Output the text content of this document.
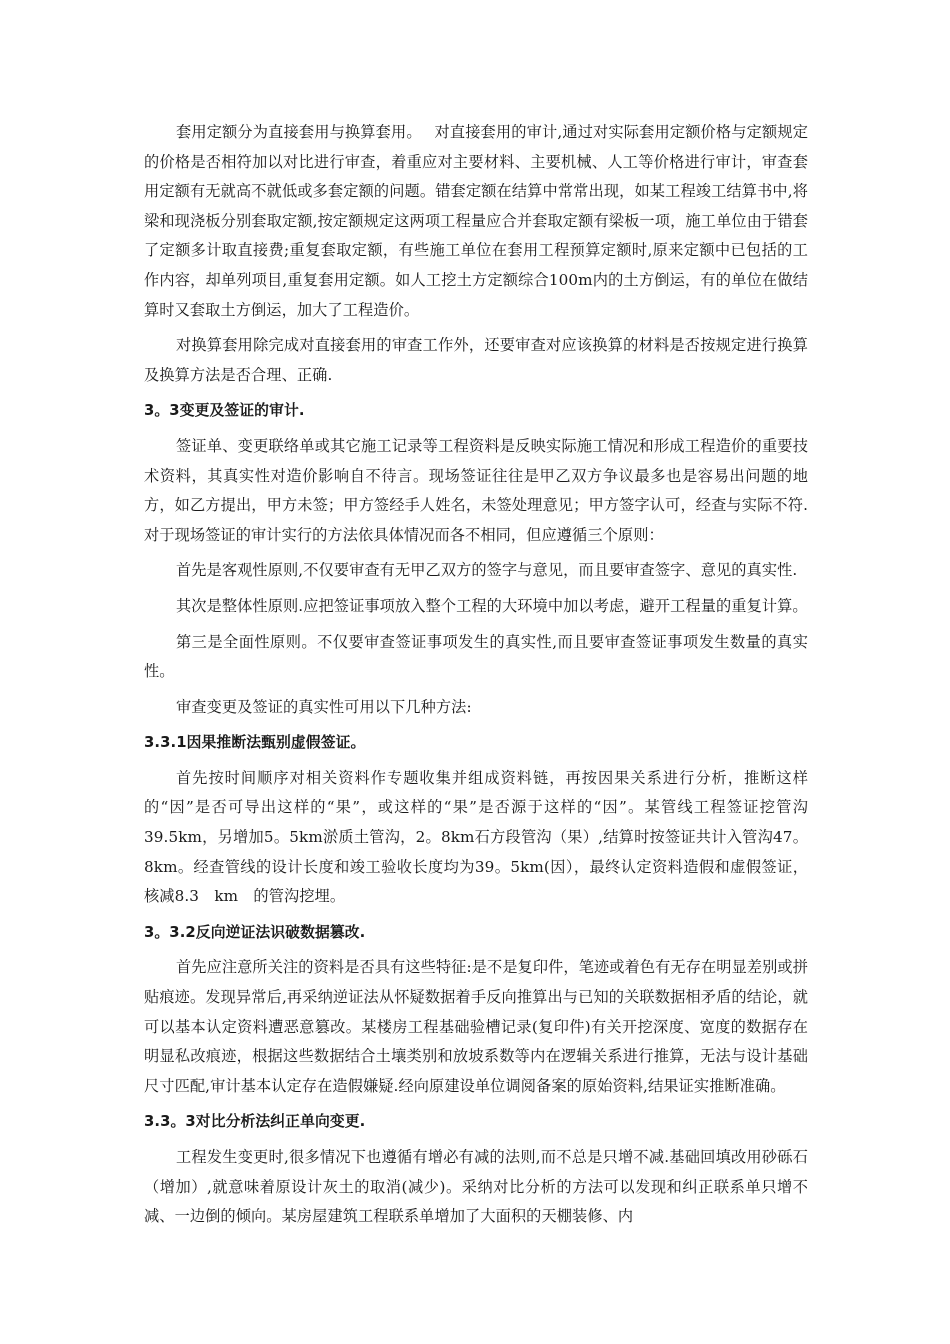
套用定额分为直接套用与换算套用。　 对直接套用的审计,通过对实际套用定额价格与定额规定的价格是否相符加以对比进行审查，着重应对主要材料、主要机械、人工等价格进行审计，审查套用定额有无就高不就低或多套定额的问题。错套定额在结算中常常出现，如某工程竣工结算书中,将梁和现浇板分别套取定额,按定额规定这两项工程量应合并套取定额有梁板一项，施工单位由于错套了定额多计取直接费;重复套取定额，有些施工单位在套用工程预算定额时,原来定额中已包括的工作内容，却单列项目,重复套用定额。如人工挖土方定额综合100m内的土方倒运，有的单位在做结算时又套取土方倒运，加大了工程造价。

对换算套用除完成对直接套用的审查工作外，还要审查对应该换算的材料是否按规定进行换算及换算方法是否合理、正确.

3。3变更及签证的审计.

签证单、变更联络单或其它施工记录等工程资料是反映实际施工情况和形成工程造价的重要技术资料，其真实性对造价影响自不待言。现场签证往往是甲乙双方争议最多也是容易出问题的地方，如乙方提出，甲方未签；甲方签经手人姓名，未签处理意见；甲方签字认可，经查与实际不符.对于现场签证的审计实行的方法依具体情况而各不相同，但应遵循三个原则：

首先是客观性原则,不仅要审查有无甲乙双方的签字与意见，而且要审查签字、意见的真实性.

其次是整体性原则.应把签证事项放入整个工程的大环境中加以考虑，避开工程量的重复计算。

第三是全面性原则。不仅要审查签证事项发生的真实性,而且要审查签证事项发生数量的真实性。

审查变更及签证的真实性可用以下几种方法:

3.3.1因果推断法甄别虚假签证。

首先按时间顺序对相关资料作专题收集并组成资料链，再按因果关系进行分析，推断这样的“因”是否可导出这样的“果”，或这样的“果”是否源于这样的“因”。某管线工程签证挖管沟39.5km，另增加5。5km淤质土管沟，2。8km石方段管沟（果）,结算时按签证共计入管沟47。8km。经查管线的设计长度和竣工验收长度均为39。5km(因），最终认定资料造假和虚假签证，核减8.3　km　的管沟挖埋。

3。3.2反向逆证法识破数据篡改.

首先应注意所关注的资料是否具有这些特征:是不是复印件，笔迹或着色有无存在明显差别或拼贴痕迹。发现异常后,再采纳逆证法从怀疑数据着手反向推算出与已知的关联数据相矛盾的结论，就可以基本认定资料遭恶意篡改。某楼房工程基础验槽记录(复印件)有关开挖深度、宽度的数据存在明显私改痕迹，根据这些数据结合土壤类别和放坡系数等内在逻辑关系进行推算，无法与设计基础尺寸匹配,审计基本认定存在造假嫌疑.经向原建设单位调阅备案的原始资料,结果证实推断准确。

3.3。3对比分析法纠正单向变更.

工程发生变更时,很多情况下也遵循有增必有减的法则,而不总是只增不减.基础回填改用砂砾石（增加）,就意味着原设计灰土的取消(减少)。采纳对比分析的方法可以发现和纠正联系单只增不减、一边倒的倾向。某房屋建筑工程联系单增加了大面积的天棚装修、内
